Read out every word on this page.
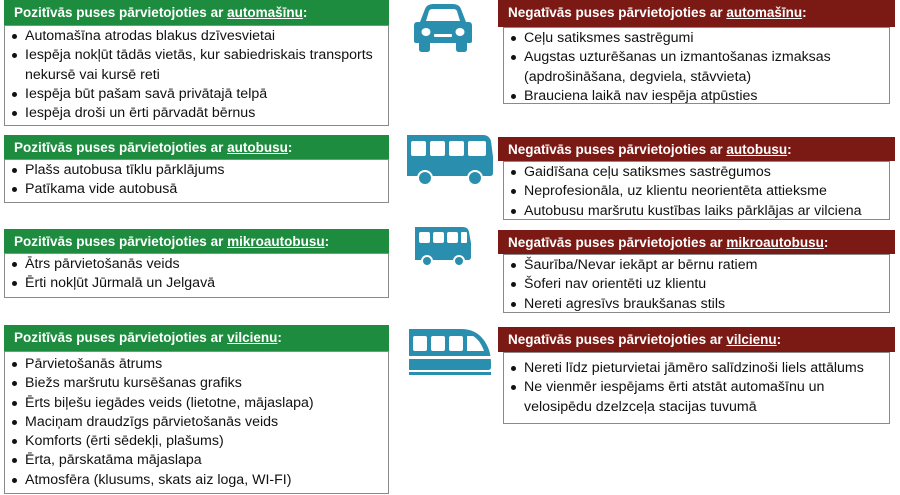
Pozitīvās puses pārvietojoties ar automašīnu:
Automašīna atrodas blakus dzīvesvietai
Iespēja nokļūt tādās vietās, kur sabiedriskais transports nekursē vai kursē reti
Iespēja būt pašam savā privātajā telpā
Iespēja droši un ērti pārvadāt bērnus
Negatīvās puses pārvietojoties ar automašīnu:
Ceļu satiksmes sastrēgumi
Augstas uzturēšanas un izmantošanas izmaksas (apdrošināšana, degviela, stāvvieta)
Brauciena laikā nav iespēja atpūsties
Pozitīvās puses pārvietojoties ar autobusu:
Plašs autobusa tīklu pārklājums
Patīkama vide autobusā
Negatīvās puses pārvietojoties ar autobusu:
Gaidīšana ceļu satiksmes sastrēgumos
Neprofesionāla, uz klientu neorientēta attieksme
Autobusu maršrutu kustības laiks pārklājas ar vilciena
Pozitīvās puses pārvietojoties ar mikroautobusu:
Ātrs pārvietošanās veids
Ērti nokļūt Jūrmalā un Jelgavā
Negatīvās puses pārvietojoties ar mikroautobusu:
Šaurība/Nevar iekāpt ar bērnu ratiem
Šoferi nav orientēti uz klientu
Nereti agresīvs braukšanas stils
Pozitīvās puses pārvietojoties ar vilcienu:
Pārvietošanās ātrums
Biežs maršrutu kursēšanas grafiks
Ērts biļešu iegādes veids (lietotne, mājaslapa)
Maciņam draudzīgs pārvietošanās veids
Komforts (ērti sēdekļi, plašums)
Ērta, pārskatāma mājaslapa
Atmosfēra (klusums, skats aiz loga, WI-FI)
Negatīvās puses pārvietojoties ar vilcienu:
Nereti līdz pieturvietai jāmēro salīdzinoši liels attālums
Ne vienmēr iespējams ērti atstāt automašīnu un velosipēdu dzelzceļa stacijas tuvumā
